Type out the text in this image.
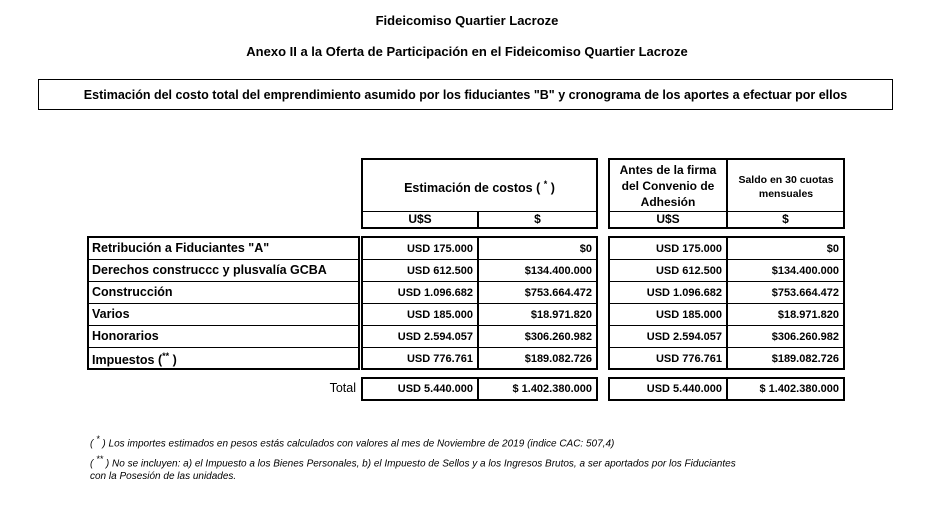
Fideicomiso Quartier Lacroze
Anexo II a la Oferta de Participación en el Fideicomiso Quartier Lacroze
Estimación del costo total del emprendimiento asumido por los fiduciantes "B" y cronograma de los aportes a efectuar por ellos
Estimación de costos ( * )
U$S	$
Antes de la firma del Convenio de Adhesión
Saldo en 30 cuotas mensuales
U$S	$
Retribución a Fiduciantes "A"	USD 175.000	$0	USD 175.000	$0
Derechos construccc y plusvalía GCBA	USD 612.500	$134.400.000	USD 612.500	$134.400.000
Construcción	USD 1.096.682	$753.664.472	USD 1.096.682	$753.664.472
Varios	USD 185.000	$18.971.820	USD 185.000	$18.971.820
Honorarios	USD 2.594.057	$306.260.982	USD 2.594.057	$306.260.982
Impuestos (** )	USD 776.761	$189.082.726	USD 776.761	$189.082.726
Total	USD 5.440.000	$ 1.402.380.000	USD 5.440.000	$ 1.402.380.000
( * ) Los importes estimados en pesos estás calculados con valores al mes de Noviembre de 2019 (indice CAC: 507,4)
( ** ) No se incluyen: a) el Impuesto a los Bienes Personales, b) el Impuesto de Sellos y a los Ingresos Brutos, a ser aportados por los Fiduciantes
con la Posesión de las unidades.
